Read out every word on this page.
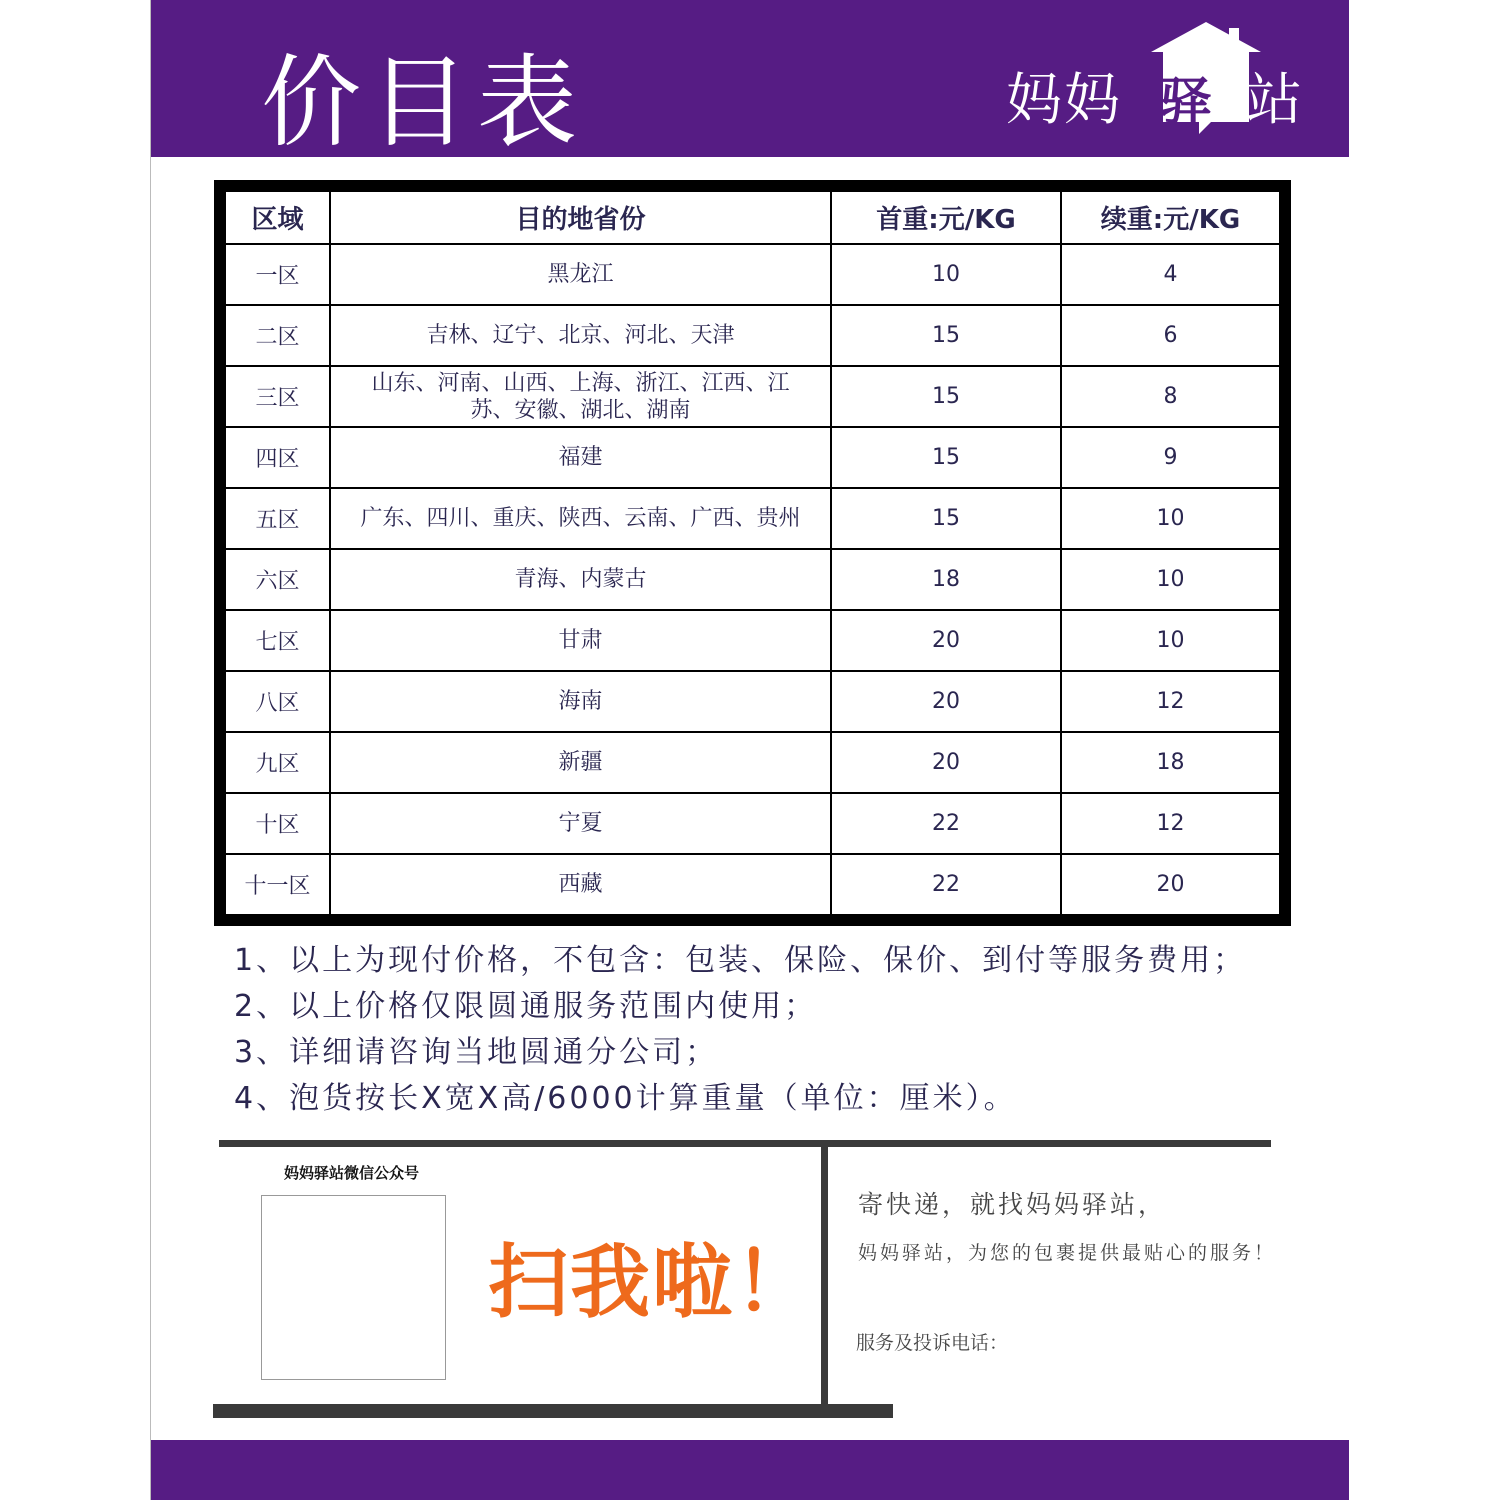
价目表	妈妈 驿 站
区域	目的地省份	首重:元/KG	续重:元/KG
一区	黑龙江	10	4
二区	吉林、辽宁、北京、河北、天津	15	6
三区	山东、河南、山西、上海、浙江、江西、江苏、安徽、湖北、湖南	15	8
四区	福建	15	9
五区	广东、四川、重庆、陕西、云南、广西、贵州	15	10
六区	青海、内蒙古	18	10
七区	甘肃	20	10
八区	海南	20	12
九区	新疆	20	18
十区	宁夏	22	12
十一区	西藏	22	20
1、以上为现付价格，不包含：包装、保险、保价、到付等服务费用；
2、以上价格仅限圆通服务范围内使用；
3、详细请咨询当地圆通分公司；
4、泡货按长X宽X高/6000计算重量（单位：厘米）。
妈妈驿站微信公众号
扫我啦！
寄快递，就找妈妈驿站，
妈妈驿站，为您的包裹提供最贴心的服务！
服务及投诉电话：
